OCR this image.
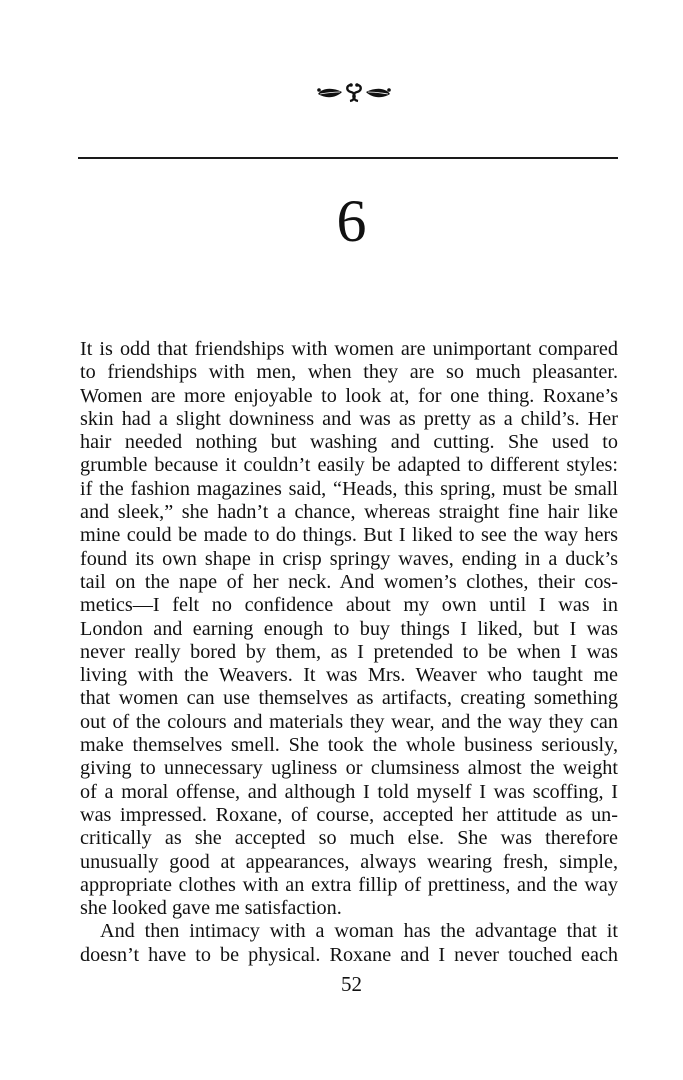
6
It is odd that friendships with women are unimportant compared
to friendships with men, when they are so much pleasanter.
Women are more enjoyable to look at, for one thing. Roxane’s
skin had a slight downiness and was as pretty as a child’s. Her
hair needed nothing but washing and cutting. She used to
grumble because it couldn’t easily be adapted to different styles:
if the fashion magazines said, “Heads, this spring, must be small
and sleek,” she hadn’t a chance, whereas straight fine hair like
mine could be made to do things. But I liked to see the way hers
found its own shape in crisp springy waves, ending in a duck’s
tail on the nape of her neck. And women’s clothes, their cos-
metics—I felt no confidence about my own until I was in
London and earning enough to buy things I liked, but I was
never really bored by them, as I pretended to be when I was
living with the Weavers. It was Mrs. Weaver who taught me
that women can use themselves as artifacts, creating something
out of the colours and materials they wear, and the way they can
make themselves smell. She took the whole business seriously,
giving to unnecessary ugliness or clumsiness almost the weight
of a moral offense, and although I told myself I was scoffing, I
was impressed. Roxane, of course, accepted her attitude as un-
critically as she accepted so much else. She was therefore
unusually good at appearances, always wearing fresh, simple,
appropriate clothes with an extra fillip of prettiness, and the way
she looked gave me satisfaction.
And then intimacy with a woman has the advantage that it
doesn’t have to be physical. Roxane and I never touched each
52
